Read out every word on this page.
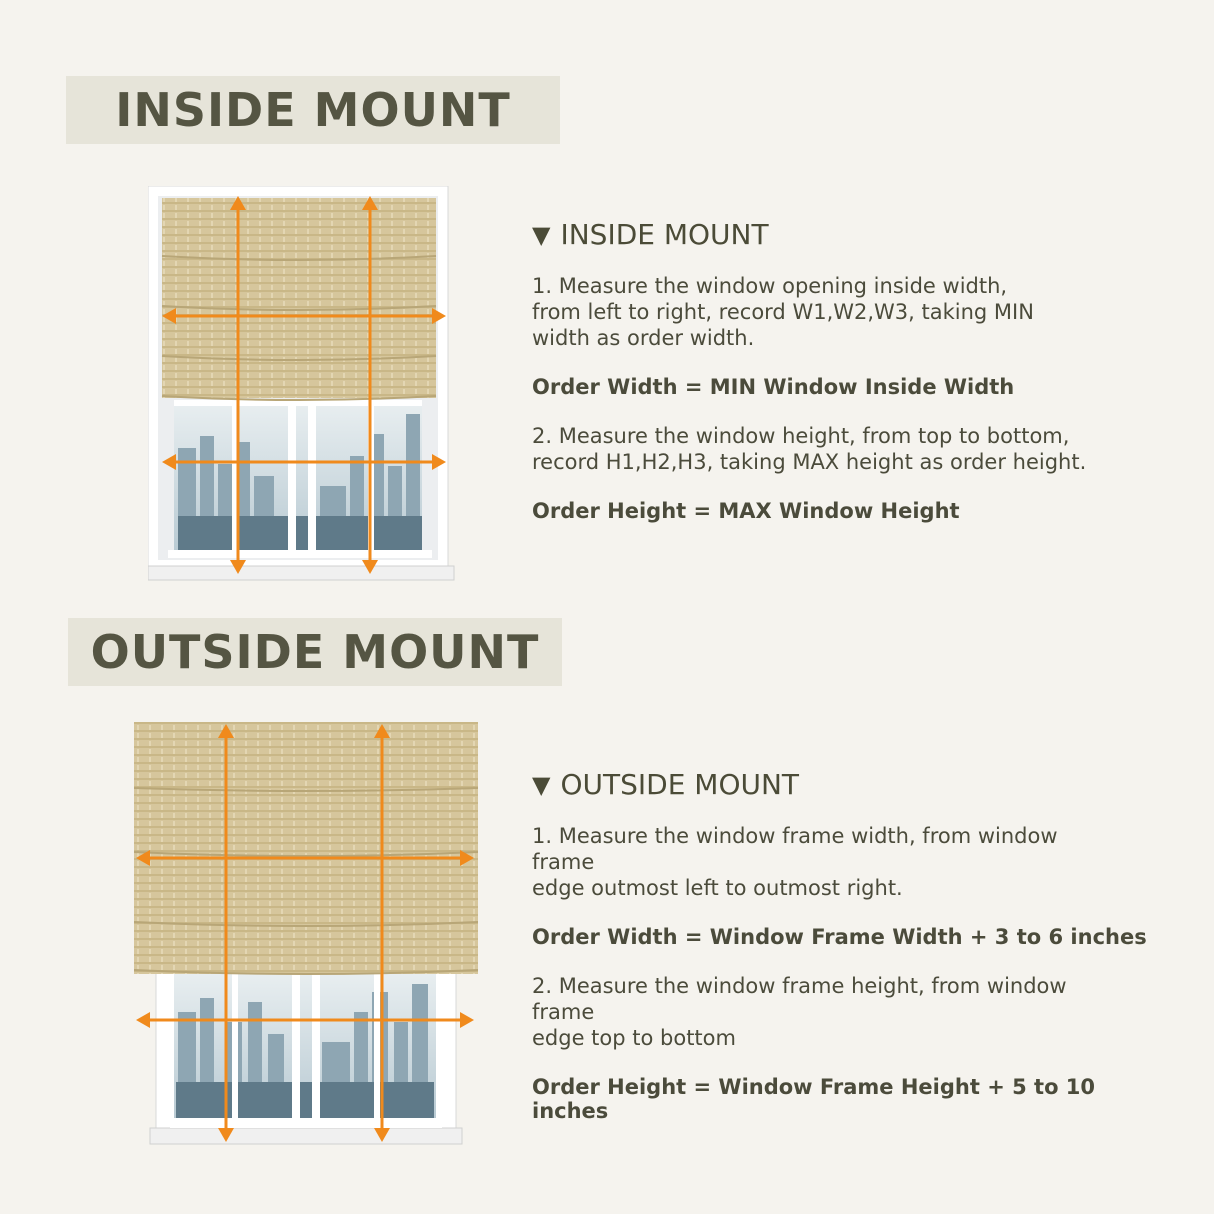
INSIDE MOUNT
▼ INSIDE MOUNT

1. Measure the window opening inside width,
from left to right, record W1,W2,W3, taking MIN
width as order width.

Order Width = MIN Window Inside Width

2. Measure the window height, from top to bottom,
record H1,H2,H3, taking MAX height as order height.

Order Height = MAX Window Height

OUTSIDE MOUNT
▼ OUTSIDE MOUNT

1. Measure the window frame width, from window frame
edge outmost left to outmost right.

Order Width = Window Frame Width + 3 to 6 inches

2. Measure the window frame height, from window frame
edge top to bottom

Order Height = Window Frame Height + 5 to 10 inches
